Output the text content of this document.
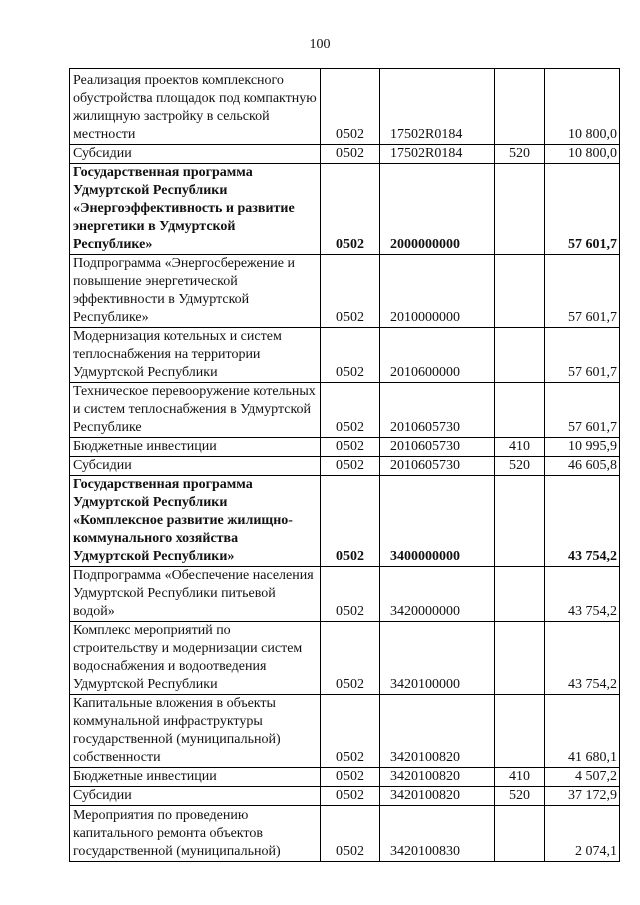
100
Реализация проектов комплексного обустройства площадок под компактную жилищную застройку в сельской местности	0502	17502R0184		10 800,0
Субсидии	0502	17502R0184	520	10 800,0
Государственная программа Удмуртской Республики «Энергоэффективность и развитие энергетики в Удмуртской Республике»	0502	2000000000		57 601,7
Подпрограмма «Энергосбережение и повышение энергетической эффективности в Удмуртской Республике»	0502	2010000000		57 601,7
Модернизация котельных и систем теплоснабжения на территории Удмуртской Республики	0502	2010600000		57 601,7
Техническое перевооружение котельных и систем теплоснабжения в Удмуртской Республике	0502	2010605730		57 601,7
Бюджетные инвестиции	0502	2010605730	410	10 995,9
Субсидии	0502	2010605730	520	46 605,8
Государственная программа Удмуртской Республики «Комплексное развитие жилищно-коммунального хозяйства Удмуртской Республики»	0502	3400000000		43 754,2
Подпрограмма «Обеспечение населения Удмуртской Республики питьевой водой»	0502	3420000000		43 754,2
Комплекс мероприятий по строительству и модернизации систем водоснабжения и водоотведения Удмуртской Республики	0502	3420100000		43 754,2
Капитальные вложения в объекты коммунальной инфраструктуры государственной (муниципальной) собственности	0502	3420100820		41 680,1
Бюджетные инвестиции	0502	3420100820	410	4 507,2
Субсидии	0502	3420100820	520	37 172,9
Мероприятия по проведению капитального ремонта объектов государственной (муниципальной)	0502	3420100830		2 074,1
